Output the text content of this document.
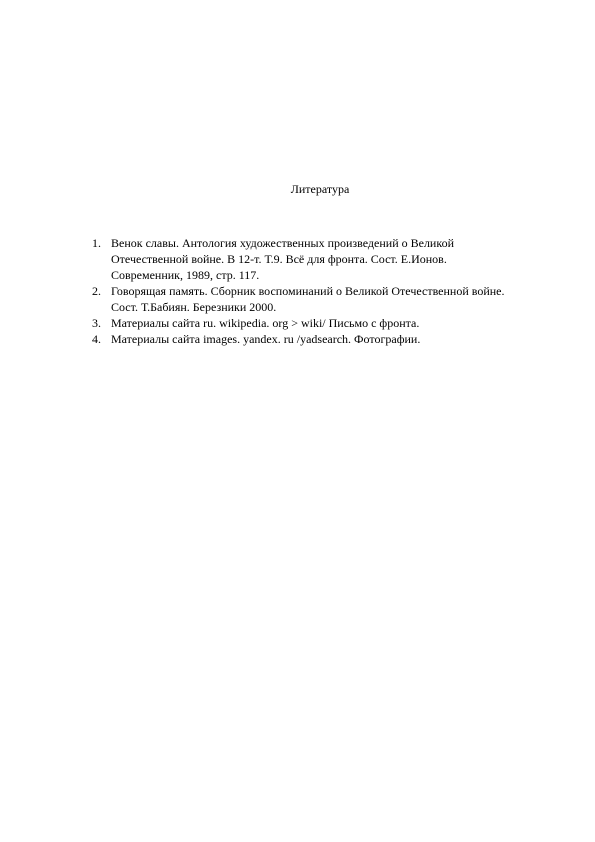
Литература
1. Венок славы. Антология художественных произведений о Великой
Отечественной войне. В 12-т. Т.9. Всё для фронта. Сост. Е.Ионов.
Современник, 1989, стр. 117.
2. Говорящая память. Сборник воспоминаний о Великой Отечественной войне.
Сост. Т.Бабиян. Березники 2000.
3. Материалы сайта ru. wikipedia. org > wiki/ Письмо с фронта.
4. Материалы сайта images. yandex. ru /yadsearch. Фотографии.
